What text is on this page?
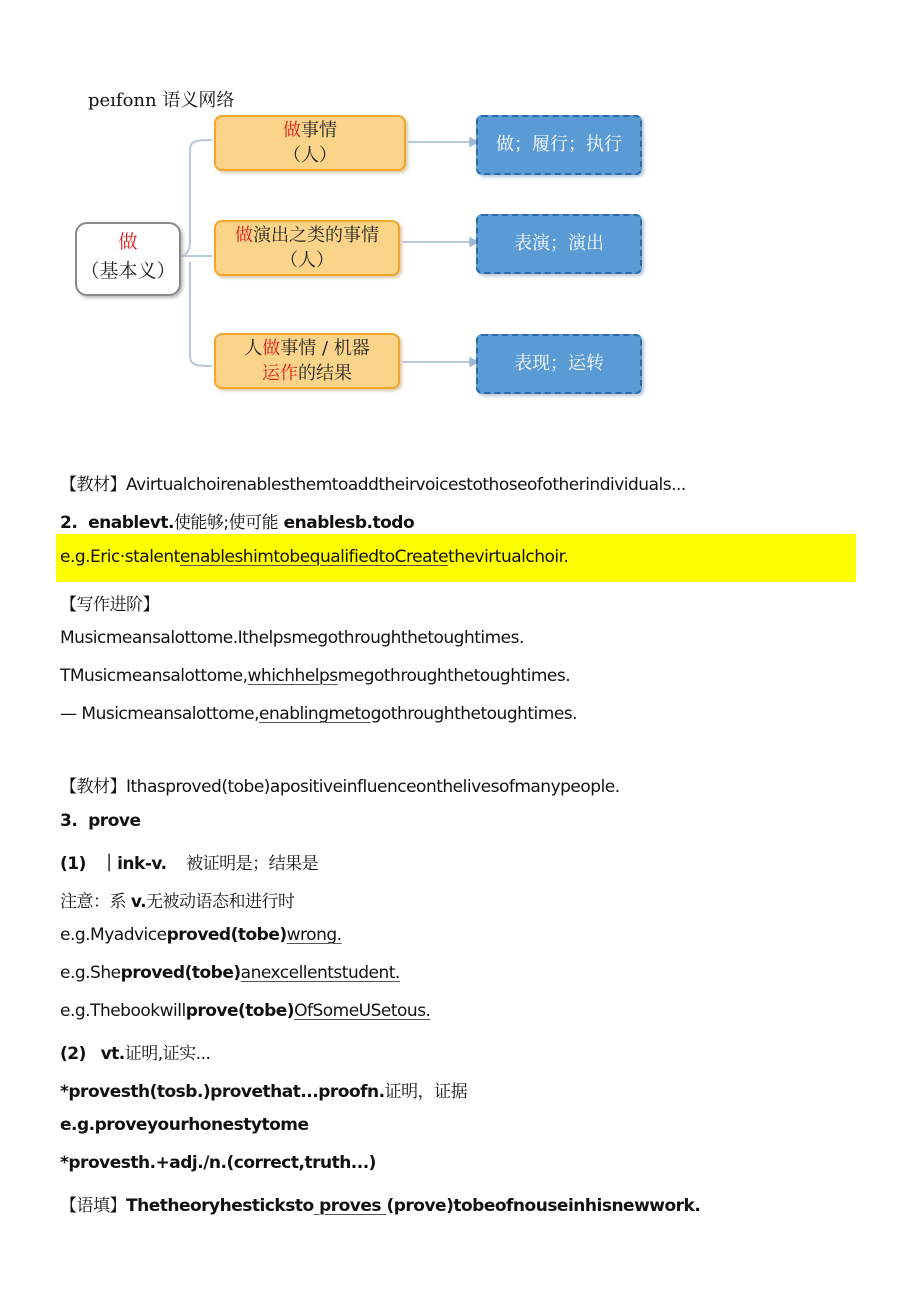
peıfonn 语义网络
做
（基本义）
做事情
（人）
做演出之类的事情
（人）
人做事情 / 机器
运作的结果
做；履行；执行
表演；演出
表现；运转
【教材】Avirtualchoirenablesthemtoaddtheirvoicestothoseofotherindividuals...
2. enablevt.使能够;使可能 enablesb.todo
e.g.Eric·stalentenableshimtobequalifiedtoCreatethevirtualchoir.
【写作进阶】
Musicmeansalottome.Ithelpsmegothroughthetoughtimes.
TMusicmeansalottome,whichhelpsmegothroughthetoughtimes.
— Musicmeansalottome,enablingmetogothroughthetoughtimes.
【教材】Ithasproved(tobe)apositiveinfluenceonthelivesofmanypeople.
3. prove
(1) ｜ink-v. 被证明是；结果是
注意：系 v.无被动语态和进行时
e.g.Myadviceproved(tobe)wrong.
e.g.Sheproved(tobe)anexcellentstudent.
e.g.Thebookwillprove(tobe)OfSomeUSetous.
(2) vt.证明,证实...
*provesth(tosb.)provethat...proofn.证明，证据
e.g.proveyourhonestytome
*provesth.+adj./n.(correct,truth...)
【语填】Thetheoryhesticksto proves (prove)tobeofnouseinhisnewwork.
